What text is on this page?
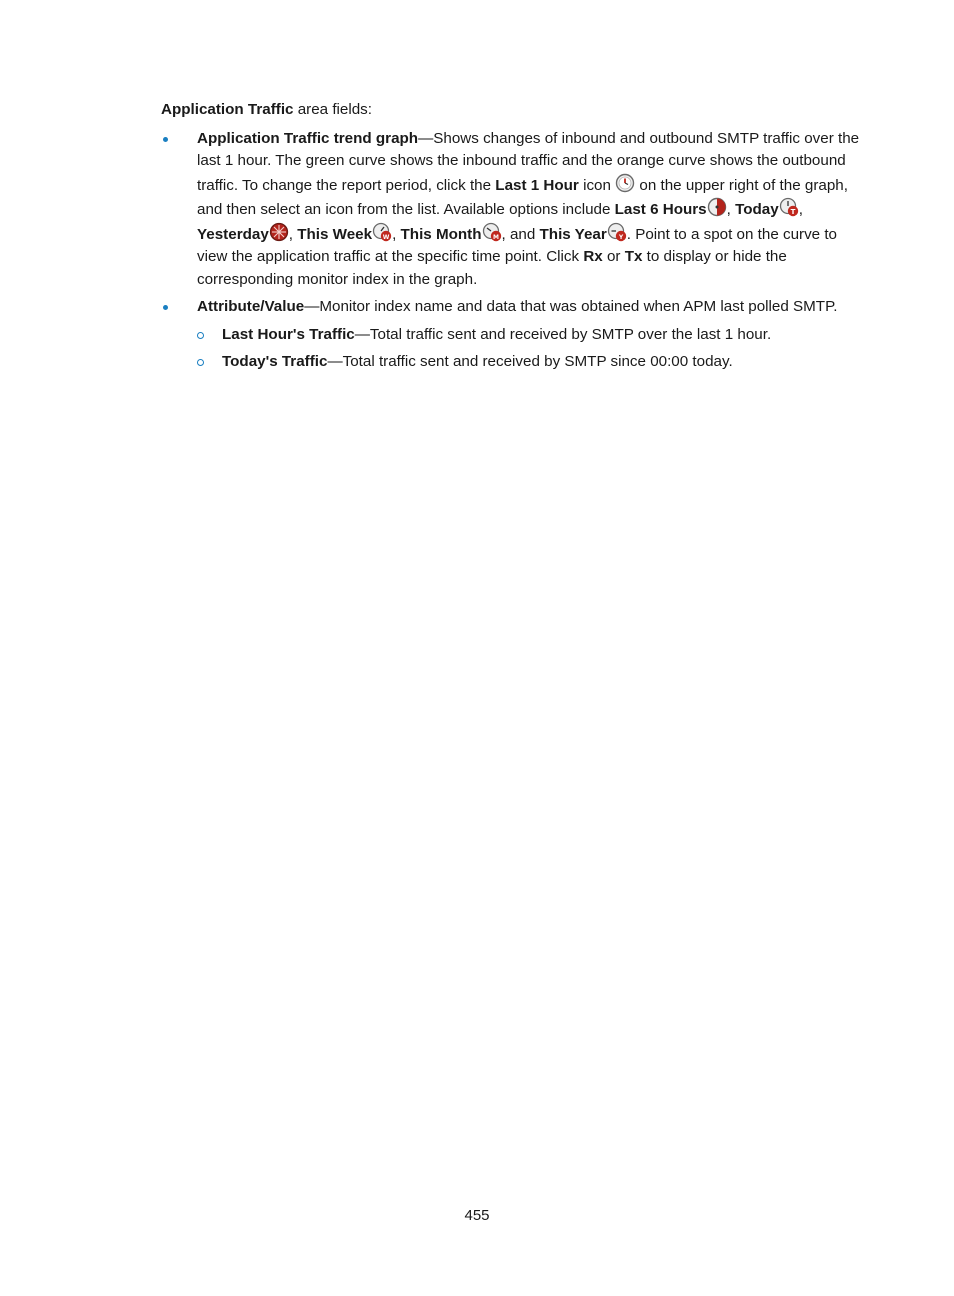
Application Traffic area fields:

Application Traffic trend graph—Shows changes of inbound and outbound SMTP traffic over the last 1 hour. The green curve shows the inbound traffic and the orange curve shows the outbound traffic. To change the report period, click the Last 1 Hour icon  on the upper right of the graph, and then select an icon from the list. Available options include Last 6 Hours , Today T , Yesterday , This Week W , This Month M , and This Year Y . Point to a spot on the curve to view the application traffic at the specific time point. Click Rx or Tx to display or hide the corresponding monitor index in the graph.
Attribute/Value—Monitor index name and data that was obtained when APM last polled SMTP.
Last Hour's Traffic—Total traffic sent and received by SMTP over the last 1 hour.
Today's Traffic—Total traffic sent and received by SMTP since 00:00 today.
455
